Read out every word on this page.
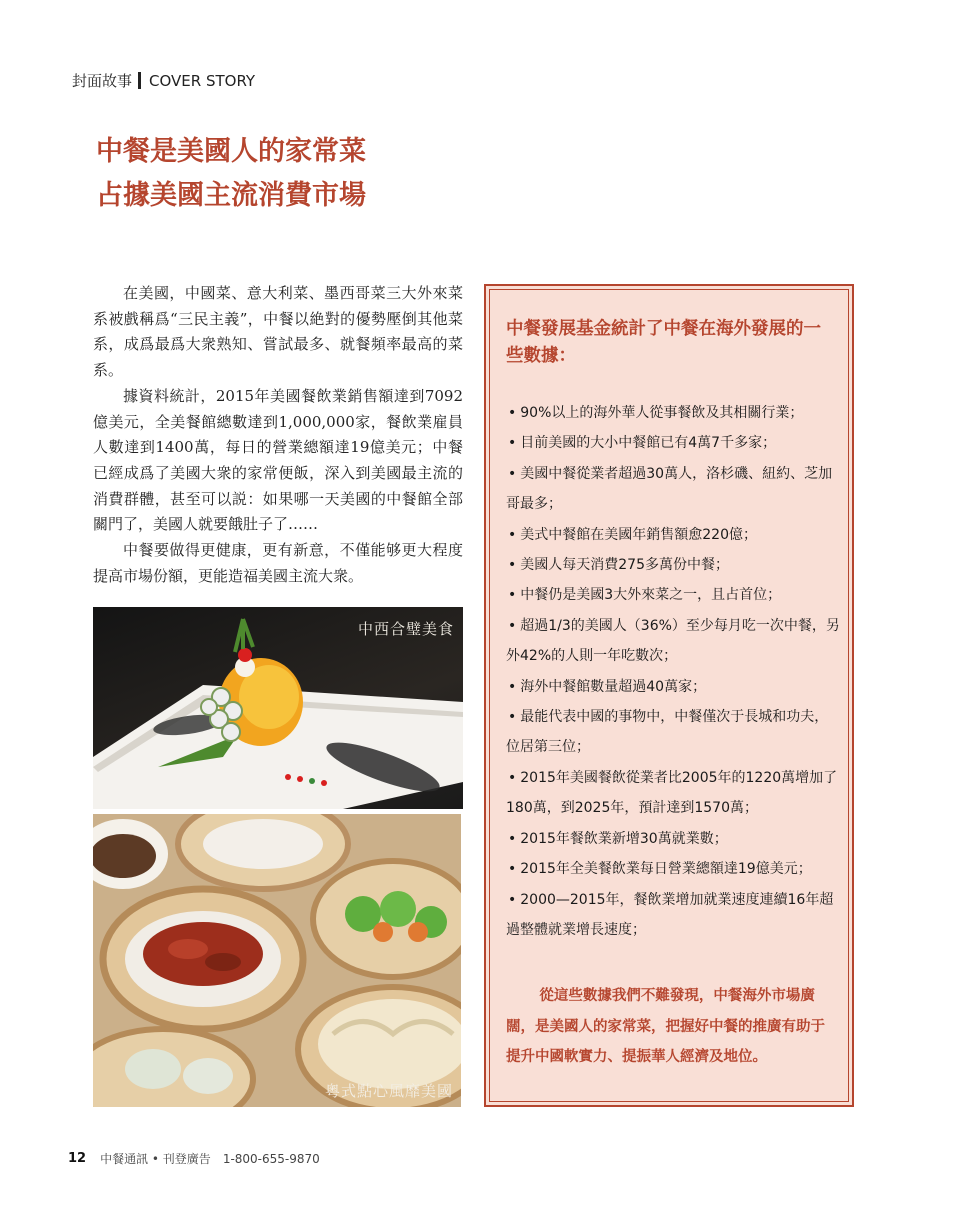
封面故事 COVER STORY
中餐是美國人的家常菜
占據美國主流消費市場

在美國，中國菜、意大利菜、墨西哥菜三大外來菜系被戲稱爲“三民主義”，中餐以絶對的優勢壓倒其他菜系，成爲最爲大衆熟知、嘗試最多、就餐頻率最高的菜系。

據資料統計，2015年美國餐飲業銷售額達到7092億美元，全美餐館總數達到1,000,000家，餐飲業雇員人數達到1400萬，每日的營業總額達19億美元；中餐已經成爲了美國大衆的家常便飯，深入到美國最主流的消費群體，甚至可以説：如果哪一天美國的中餐館全部關門了，美國人就要餓肚子了……

中餐要做得更健康，更有新意，不僅能够更大程度提高市場份額，更能造福美國主流大衆。

中西合璧美食
粵式點心風靡美國
中餐發展基金統計了中餐在海外發展的一些數據：
• 90%以上的海外華人從事餐飲及其相關行業；
• 目前美國的大小中餐館已有4萬7千多家；
• 美國中餐從業者超過30萬人，洛杉磯、紐約、芝加哥最多；
• 美式中餐館在美國年銷售額愈220億；
• 美國人每天消費275多萬份中餐；
• 中餐仍是美國3大外來菜之一，且占首位；
• 超過1/3的美國人（36%）至少每月吃一次中餐，另外42%的人則一年吃數次；
• 海外中餐館數量超過40萬家；
• 最能代表中國的事物中，中餐僅次于長城和功夫，位居第三位；
• 2015年美國餐飲從業者比2005年的1220萬增加了180萬，到2025年，預計達到1570萬；
• 2015年餐飲業新增30萬就業數；
• 2015年全美餐飲業每日營業總額達19億美元；
• 2000—2015年，餐飲業增加就業速度連續16年超過整體就業增長速度；

從這些數據我們不難發現，中餐海外市場廣闊，是美國人的家常菜，把握好中餐的推廣有助于提升中國軟實力、提振華人經濟及地位。

12 中餐通訊 • 刊登廣告 1-800-655-9870
